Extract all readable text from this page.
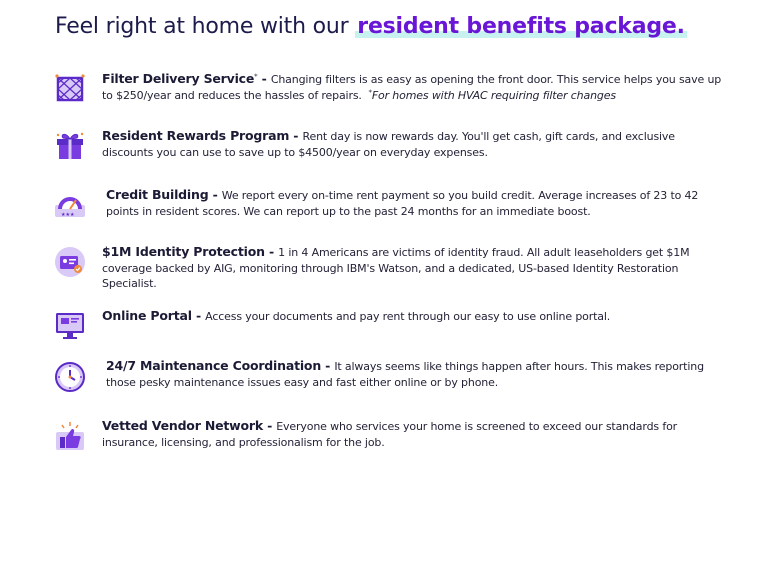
Feel right at home with our resident benefits package.
Filter Delivery Service* - Changing filters is as easy as opening the front door. This service helps you save up to $250/year and reduces the hassles of repairs. *For homes with HVAC requiring filter changes
Resident Rewards Program - Rent day is now rewards day. You'll get cash, gift cards, and exclusive discounts you can use to save up to $4500/year on everyday expenses.
★★★
Credit Building - We report every on-time rent payment so you build credit. Average increases of 23 to 42 points in resident scores. We can report up to the past 24 months for an immediate boost.
$1M Identity Protection - 1 in 4 Americans are victims of identity fraud. All adult leaseholders get $1M coverage backed by AIG, monitoring through IBM's Watson, and a dedicated, US-based Identity Restoration Specialist.
Online Portal - Access your documents and pay rent through our easy to use online portal.
24/7 Maintenance Coordination - It always seems like things happen after hours. This makes reporting those pesky maintenance issues easy and fast either online or by phone.
Vetted Vendor Network - Everyone who services your home is screened to exceed our standards for insurance, licensing, and professionalism for the job.
